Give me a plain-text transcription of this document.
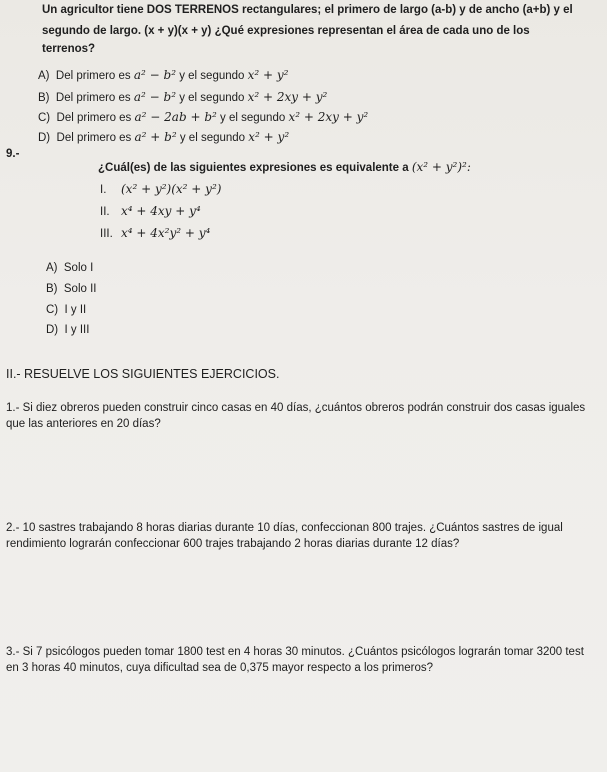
Un agricultor tiene DOS TERRENOS rectangulares; el primero de largo (a-b) y de ancho (a+b) y el
segundo de largo. (x + y)(x + y) ¿Qué expresiones representan el área de cada uno de los
terrenos?
A) Del primero es a² − b² y el segundo x² + y²
B) Del primero es a² − b² y el segundo x² + 2xy + y²
C) Del primero es a² − 2ab + b² y el segundo x² + 2xy + y²
D) Del primero es a² + b² y el segundo x² + y²
9.-
¿Cuál(es) de las siguientes expresiones es equivalente a (x² + y²)²:
I. (x² + y²)(x² + y²)
II. x⁴ + 4xy + y⁴
III. x⁴ + 4x²y² + y⁴
A) Solo I
B) Solo II
C) I y II
D) I y III
II.- RESUELVE LOS SIGUIENTES EJERCICIOS.
1.- Si diez obreros pueden construir cinco casas en 40 días, ¿cuántos obreros podrán construir dos casas iguales que las anteriores en 20 días?
2.- 10 sastres trabajando 8 horas diarias durante 10 días, confeccionan 800 trajes. ¿Cuántos sastres de igual rendimiento lograrán confeccionar 600 trajes trabajando 2 horas diarias durante 12 días?
3.- Si 7 psicólogos pueden tomar 1800 test en 4 horas 30 minutos. ¿Cuántos psicólogos lograrán tomar 3200 test en 3 horas 40 minutos, cuya dificultad sea de 0,375 mayor respecto a los primeros?
